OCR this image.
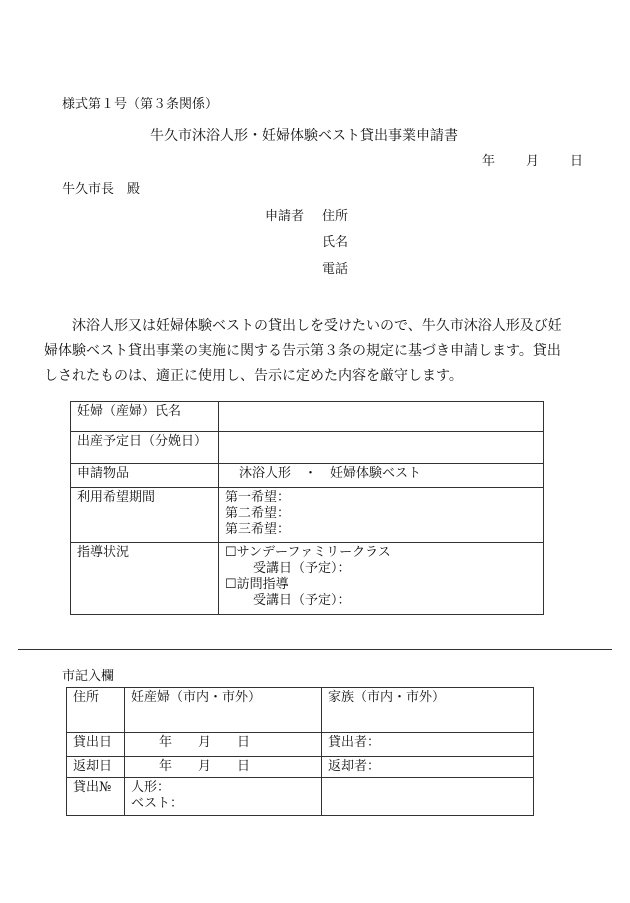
様式第１号（第３条関係）
牛久市沐浴人形・妊婦体験ベスト貸出事業申請書
年 月 日
牛久市長　殿
申請者 住所
氏名
電話
沐浴人形又は妊婦体験ベストの貸出しを受けたいので、牛久市沐浴人形及び妊
婦体験ベスト貸出事業の実施に関する告示第３条の規定に基づき申請します。貸出
しされたものは、適正に使用し、告示に定めた内容を厳守します。
妊婦（産婦）氏名	
出産予定日（分娩日）	
申請物品	沐浴人形　・　妊婦体験ベスト
利用希望期間	第一希望：
第二希望：
第三希望：

指導状況	☐サンデーファミリークラス
受講日（予定）：
☐訪問指導
受講日（予定）：
市記入欄
住所	妊産婦（市内・市外）	家族（市内・市外）
貸出日	年　　月　　日	貸出者：
返却日	年　　月　　日	返却者：
貸出№	人形：
ベスト：	
